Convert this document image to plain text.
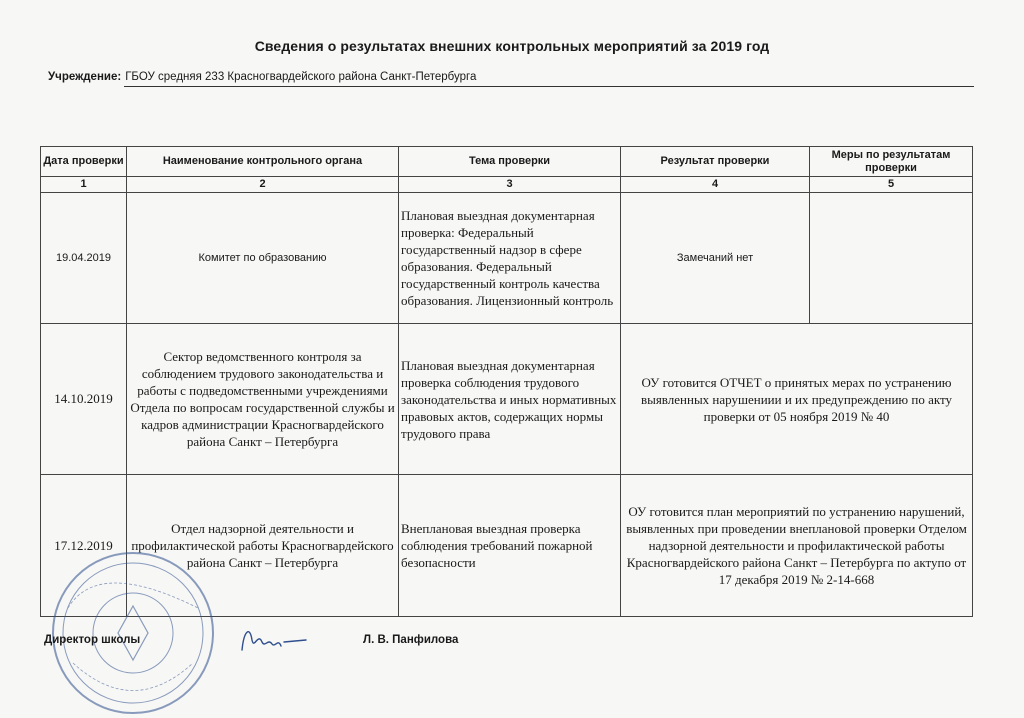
Сведения о результатах внешних контрольных мероприятий за 2019 год
Учреждение: ГБОУ средняя 233 Красногвардейского района Санкт-Петербурга
Дата проверки	Наименование контрольного органа	Тема проверки	Результат проверки	Меры по результатам проверки
1	2	3	4	5
19.04.2019	Комитет по образованию	Плановая выездная документарная проверка: Федеральный государственный надзор в сфере образования. Федеральный государственный контроль качества образования. Лицензионный контроль	Замечаний нет	
14.10.2019	Сектор ведомственного контроля за соблюдением трудового законодательства и работы с подведомственными учреждениями Отдела по вопросам государственной службы и кадров администрации Красногвардейского района Санкт – Петербурга	Плановая выездная документарная проверка соблюдения трудового законодательства и иных нормативных правовых актов, содержащих нормы трудового права	ОУ готовится ОТЧЕТ о принятых мерах по устранению выявленных нарушениии и их предупреждению по акту проверки от 05 ноября 2019 № 40	
17.12.2019	Отдел надзорной деятельности и профилактической работы Красногвардейского района Санкт – Петербурга	Внеплановая выездная проверка соблюдения требований пожарной безопасности	ОУ готовится план мероприятий по устранению нарушений, выявленных при проведении внеплановой проверки Отделом надзорной деятельности и профилактической работы Красногвардейского района Санкт – Петербурга по актупо от 17 декабря 2019 № 2-14-668	
Директор школы	Л. В. Панфилова
